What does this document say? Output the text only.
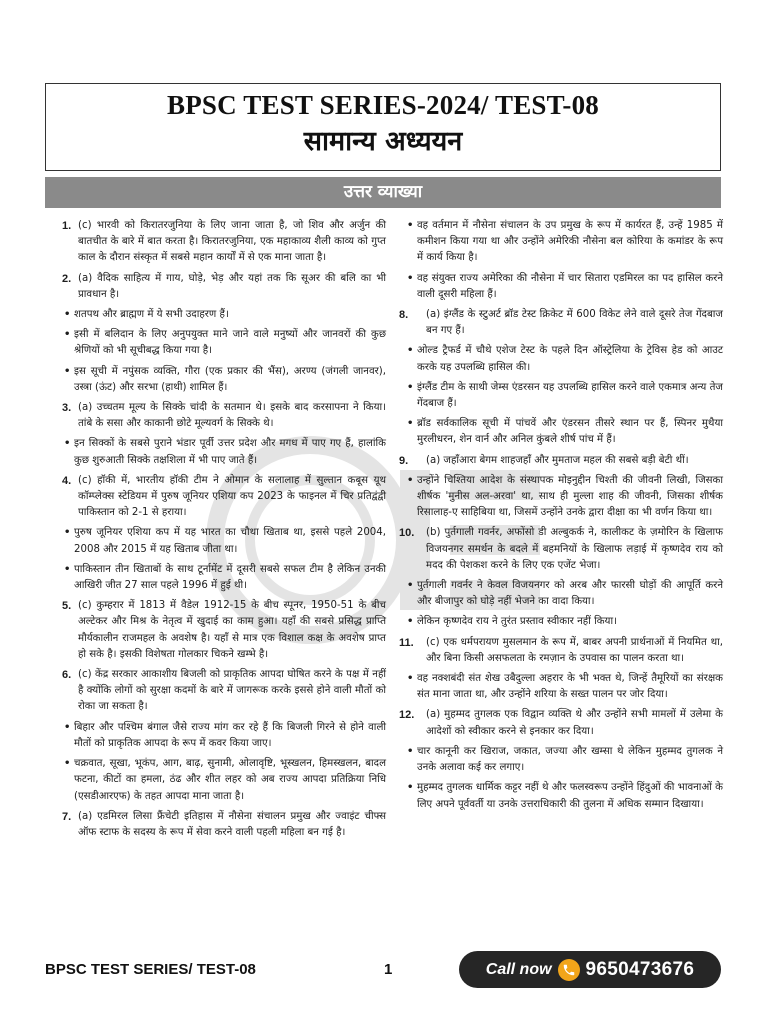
BPSC TEST SERIES-2024/ TEST-08
सामान्य अध्ययन
उत्तर व्याख्या
1. (c) भारवी को किरातरजुनिया के लिए जाना जाता है, जो शिव और अर्जुन की बातचीत के बारे में बात करता है। किरातरजुनिया, एक महाकाव्य शैली काव्य को गुप्त काल के दौरान संस्कृत में सबसे महान कार्यों में से एक माना जाता है।
2. (a) वैदिक साहित्य में गाय, घोड़े, भेड़ और यहां तक कि सूअर की बलि का भी प्रावधान है।
• शतपथ और ब्राह्मण में ये सभी उदाहरण हैं।
• इसी में बलिदान के लिए अनुपयुक्त माने जाने वाले मनुष्यों और जानवरों की कुछ श्रेणियों को भी सूचीबद्ध किया गया है।
• इस सूची में नपुंसक व्यक्ति, गौरा (एक प्रकार की भैंस), अरण्य (जंगली जानवर), उस्त्रा (ऊंट) और सरभा (हाथी) शामिल हैं।
3. (a) उच्चतम मूल्य के सिक्के चांदी के सतमान थे। इसके बाद करसापना ने किया। तांबे के ससा और काकानी छोटे मूल्यवर्ग के सिक्के थे।
• इन सिक्कों के सबसे पुराने भंडार पूर्वी उत्तर प्रदेश और मगध में पाए गए हैं, हालांकि कुछ शुरुआती सिक्के तक्षशिला में भी पाए जाते हैं।
4. (c) हॉकी में, भारतीय हॉकी टीम ने ओमान के सलालाह में सुल्तान कबूस यूथ कॉम्प्लेक्स स्टेडियम में पुरुष जूनियर एशिया कप 2023 के फाइनल में चिर प्रतिद्वंद्वी पाकिस्तान को 2-1 से हराया।
• पुरुष जूनियर एशिया कप में यह भारत का चौथा खिताब था, इससे पहले 2004, 2008 और 2015 में यह खिताब जीता था।
• पाकिस्तान तीन खिताबों के साथ टूर्नामेंट में दूसरी सबसे सफल टीम है लेकिन उनकी आखिरी जीत 27 साल पहले 1996 में हुई थी।
5. (c) कुम्हरार में 1813 में वैडेल 1912-15 के बीच स्पूनर, 1950-51 के बीच अल्टेकर और मिश्र के नेतृत्व में खुदाई का काम हुआ। यहाँ की सबसे प्रसिद्ध प्राप्ति मौर्यकालीन राजमहल के अवशेष है। यहाँ से मात्र एक विशाल कक्ष के अवशेष प्राप्त हो सके है। इसकी विशेषता गोलकार चिकने खम्भे है।
6. (c) केंद्र सरकार आकाशीय बिजली को प्राकृतिक आपदा घोषित करने के पक्ष में नहीं है क्योंकि लोगों को सुरक्षा कदमों के बारे में जागरूक करके इससे होने वाली मौतों को रोका जा सकता है।
• बिहार और पश्चिम बंगाल जैसे राज्य मांग कर रहे हैं कि बिजली गिरने से होने वाली मौतों को प्राकृतिक आपदा के रूप में कवर किया जाए।
• चक्रवात, सूखा, भूकंप, आग, बाढ़, सुनामी, ओलावृष्टि, भूस्खलन, हिमस्खलन, बादल फटना, कीटों का हमला, ठंढ और शीत लहर को अब राज्य आपदा प्रतिक्रिया निधि (एसडीआरएफ) के तहत आपदा माना जाता है।
7. (a) एडमिरल लिसा फ्रैंचेटी इतिहास में नौसेना संचालन प्रमुख और ज्वाइंट चीफ्स ऑफ स्टाफ के सदस्य के रूप में सेवा करने वाली पहली महिला बन गई है।
• वह वर्तमान में नौसेना संचालन के उप प्रमुख के रूप में कार्यरत हैं, उन्हें 1985 में कमीशन किया गया था और उन्होंने अमेरिकी नौसेना बल कोरिया के कमांडर के रूप में कार्य किया है।
• वह संयुक्त राज्य अमेरिका की नौसेना में चार सितारा एडमिरल का पद हासिल करने वाली दूसरी महिला हैं।
8. (a) इंग्लैंड के स्टुअर्ट ब्रॉड टेस्ट क्रिकेट में 600 विकेट लेने वाले दूसरे तेज गेंदबाज बन गए हैं।
• ओल्ड ट्रैफर्ड में चौथे एशेज टेस्ट के पहले दिन ऑस्ट्रेलिया के ट्रेविस हेड को आउट करके यह उपलब्धि हासिल की।
• इंग्लैंड टीम के साथी जेम्स एंडरसन यह उपलब्धि हासिल करने वाले एकमात्र अन्य तेज गेंदबाज हैं।
• ब्रॉड सर्वकालिक सूची में पांचवें और एंडरसन तीसरे स्थान पर हैं, स्पिनर मुथैया मुरलीधरन, शेन वार्न और अनिल कुंबले शीर्ष पांच में हैं।
9. (a) जहाँआरा बेगम शाहजहाँ और मुमताज महल की सबसे बड़ी बेटी थीं।
• उन्होंने चिश्तिया आदेश के संस्थापक मोइनुद्दीन चिश्ती की जीवनी लिखी, जिसका शीर्षक 'मुनीस अल-अरवा' था, साथ ही मुल्ला शाह की जीवनी, जिसका शीर्षक रिसालाह-ए साहिबिया था, जिसमें उन्होंने उनके द्वारा दीक्षा का भी वर्णन किया था।
10. (b) पुर्तगाली गवर्नर, अफोंसो डी अल्बुकर्क ने, कालीकट के ज़मोरिन के खिलाफ विजयनगर समर्थन के बदले में बहमनियों के खिलाफ लड़ाई में कृष्णदेव राय को मदद की पेशकश करने के लिए एक एजेंट भेजा।
• पुर्तगाली गवर्नर ने केवल विजयनगर को अरब और फारसी घोड़ों की आपूर्ति करने और बीजापुर को घोड़े नहीं भेजने का वादा किया।
• लेकिन कृष्णदेव राय ने तुरंत प्रस्ताव स्वीकार नहीं किया।
11. (c) एक धर्मपरायण मुसलमान के रूप में, बाबर अपनी प्रार्थनाओं में नियमित था, और बिना किसी असफलता के रमज़ान के उपवास का पालन करता था।
• वह नक्शबंदी संत शेख उबैदुल्ला अहरार के भी भक्त थे, जिन्हें तैमूरियों का संरक्षक संत माना जाता था, और उन्होंने शरिया के सख्त पालन पर जोर दिया।
12. (a) मुहम्मद तुगलक एक विद्वान व्यक्ति थे और उन्होंने सभी मामलों में उलेमा के आदेशों को स्वीकार करने से इनकार कर दिया।
• चार कानूनी कर खिराज, जकात, जज्या और खम्सा थे लेकिन मुहम्मद तुगलक ने उनके अलावा कई कर लगाए।
• मुहम्मद तुगलक धार्मिक कट्टर नहीं थे और फलस्वरूप उन्होंने हिंदुओं की भावनाओं के लिए अपने पूर्ववर्ती या उनके उत्तराधिकारी की तुलना में अधिक सम्मान दिखाया।
BPSC TEST SERIES/ TEST-08	1	Call now 9650473676
